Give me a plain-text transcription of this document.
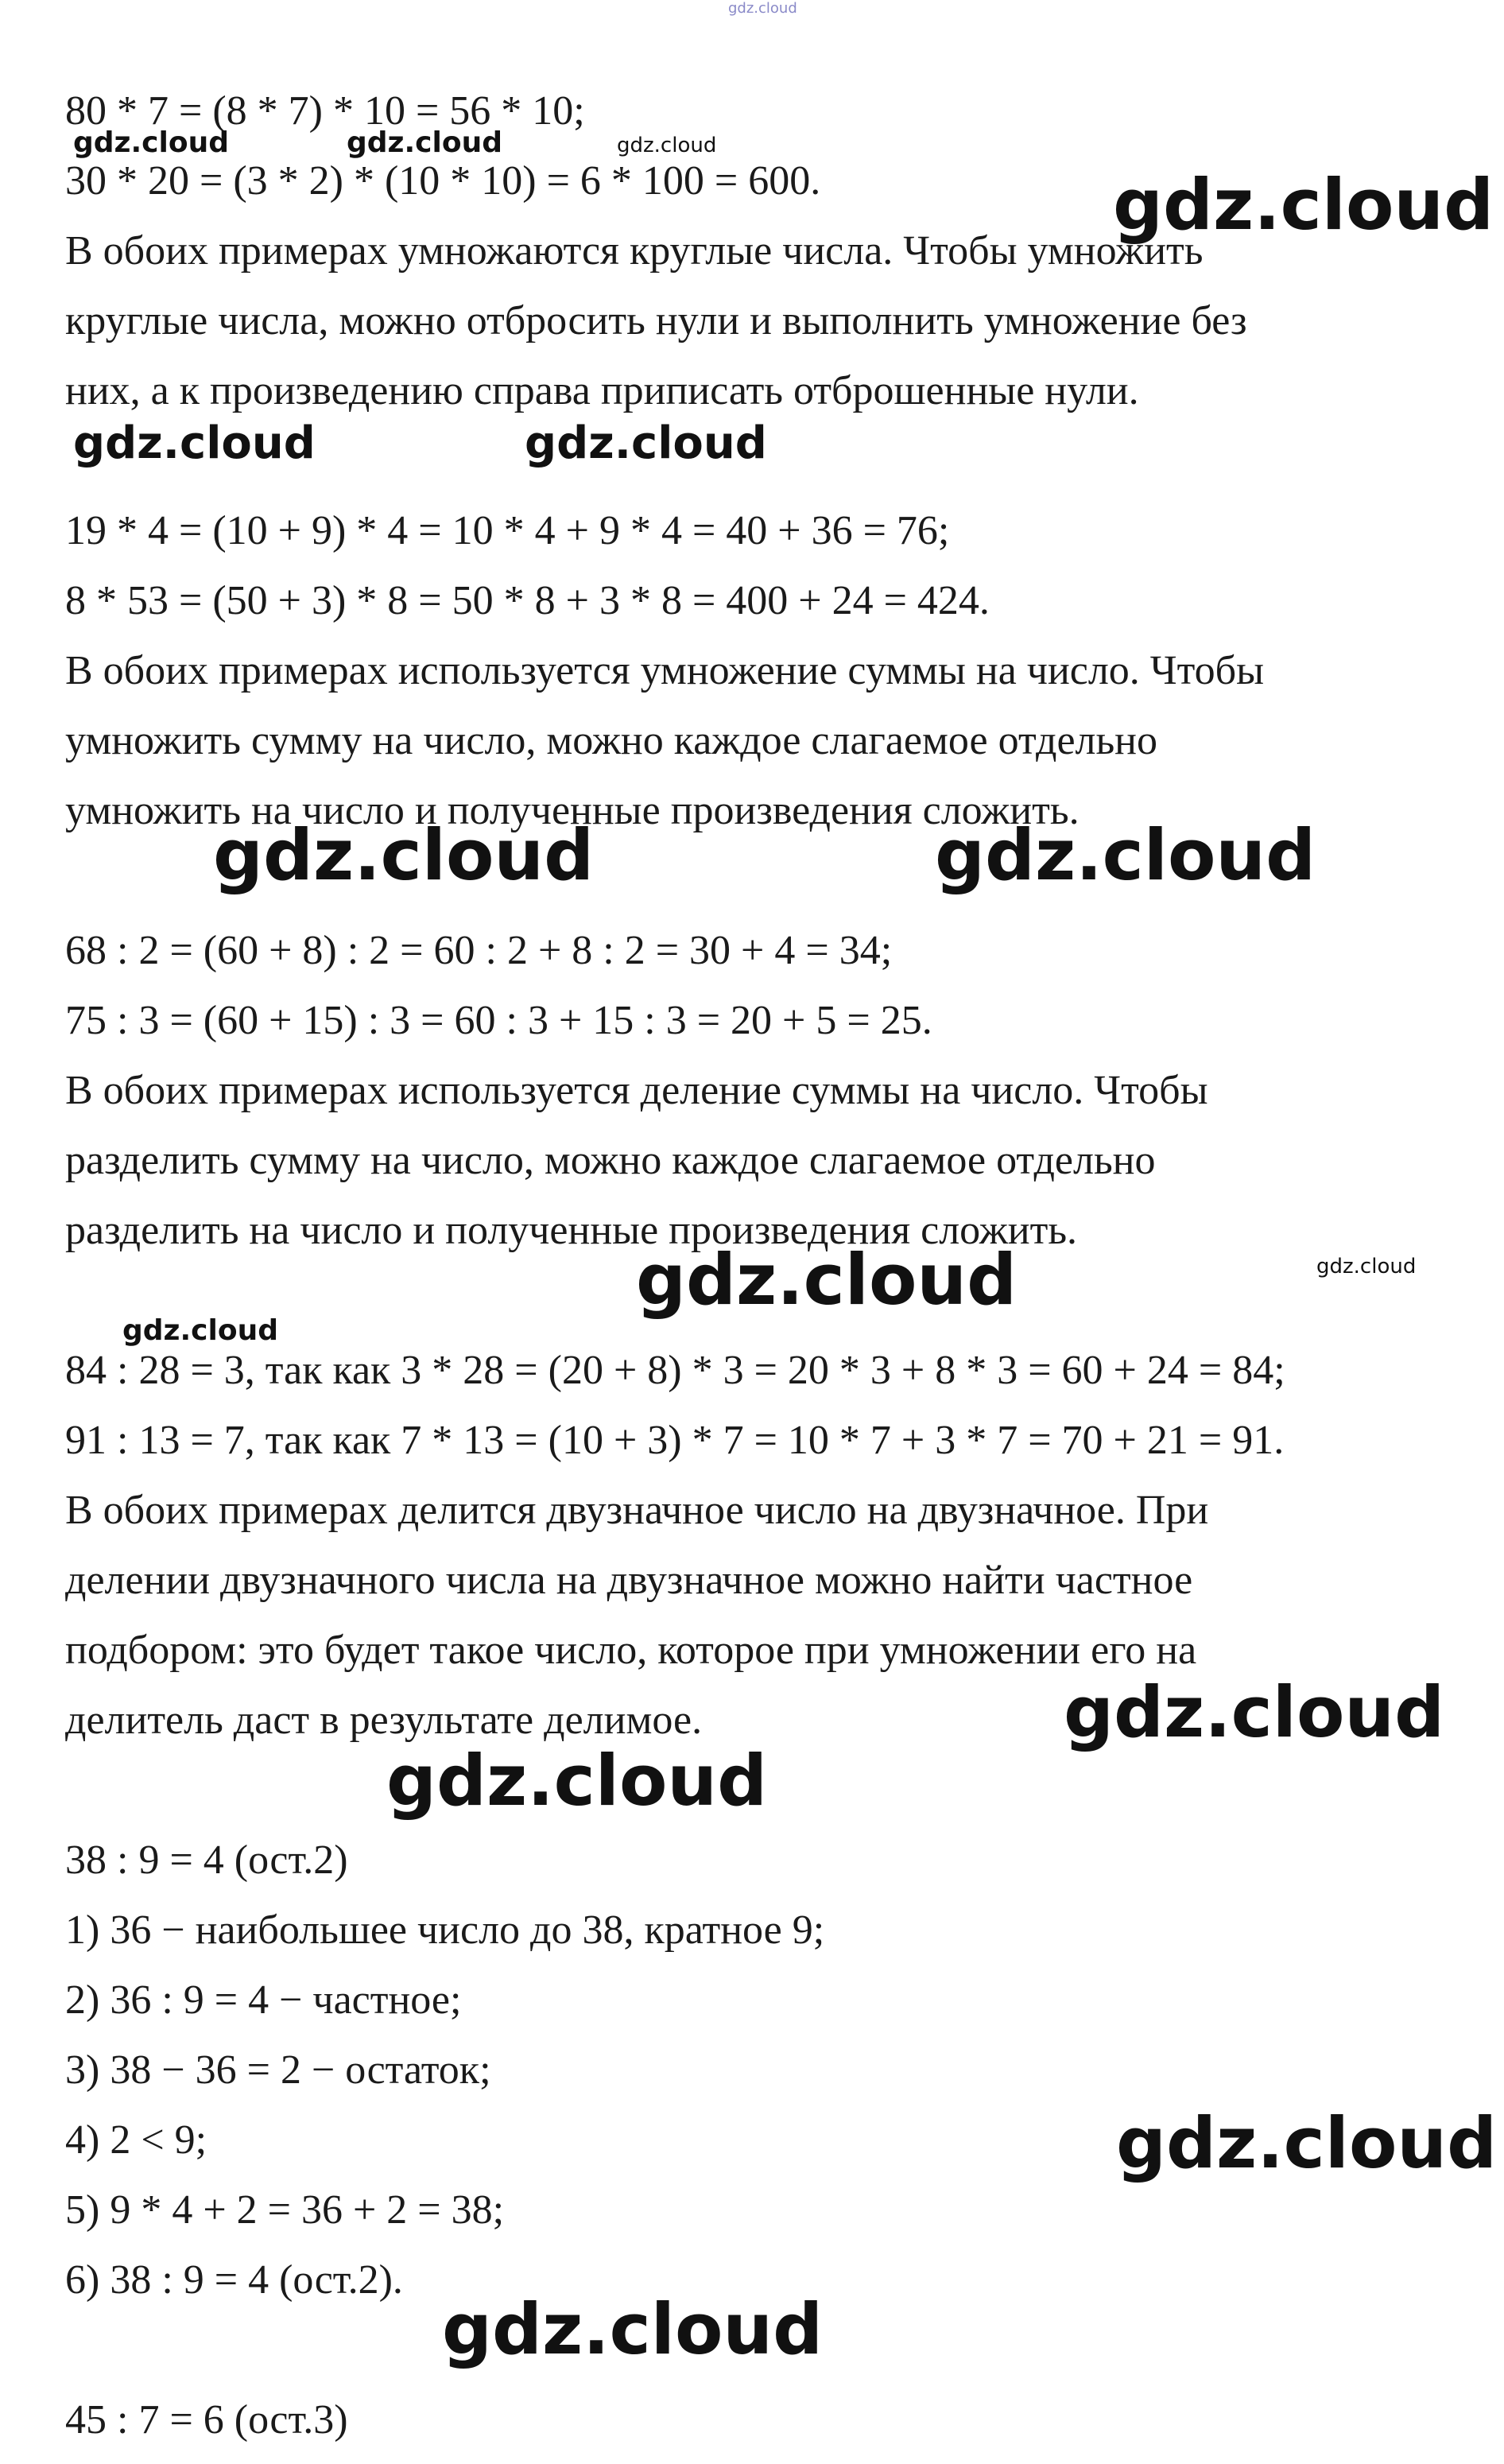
gdz.cloud

80 * 7 = (8 * 7) * 10 = 56 * 10;

30 * 20 = (3 * 2) * (10 * 10) = 6 * 100 = 600.

В обоих примерах умножаются круглые числа. Чтобы умножить

круглые числа, можно отбросить нули и выполнить умножение без

них, а к произведению справа приписать отброшенные нули.

19 * 4 = (10 + 9) * 4 = 10 * 4 + 9 * 4 = 40 + 36 = 76;

8 * 53 = (50 + 3) * 8 = 50 * 8 + 3 * 8 = 400 + 24 = 424.

В обоих примерах используется умножение суммы на число. Чтобы

умножить сумму на число, можно каждое слагаемое отдельно

умножить на число и полученные произведения сложить.

68 : 2 = (60 + 8) : 2 = 60 : 2 + 8 : 2 = 30 + 4 = 34;

75 : 3 = (60 + 15) : 3 = 60 : 3 + 15 : 3 = 20 + 5 = 25.

В обоих примерах используется деление суммы на число. Чтобы

разделить сумму на число, можно каждое слагаемое отдельно

разделить на число и полученные произведения сложить.

84 : 28 = 3, так как 3 * 28 = (20 + 8) * 3 = 20 * 3 + 8 * 3 = 60 + 24 = 84;

91 : 13 = 7, так как 7 * 13 = (10 + 3) * 7 = 10 * 7 + 3 * 7 = 70 + 21 = 91.

В обоих примерах делится двузначное число на двузначное. При

делении двузначного числа на двузначное можно найти частное

подбором: это будет такое число, которое при умножении его на

делитель даст в результате делимое.

38 : 9 = 4 (ост.2)

1) 36 − наибольшее число до 38, кратное 9;

2) 36 : 9 = 4 − частное;

3) 38 − 36 = 2 − остаток;

4) 2 < 9;

5) 9 * 4 + 2 = 36 + 2 = 38;

6) 38 : 9 = 4 (ост.2).

45 : 7 = 6 (ост.3)

gdz.cloud	gdz.cloud	gdz.cloud
gdz.cloud
gdz.cloud	gdz.cloud
gdz.cloud	gdz.cloud
gdz.cloud	gdz.cloud
gdz.cloud
gdz.cloud
gdz.cloud
gdz.cloud
gdz.cloud
